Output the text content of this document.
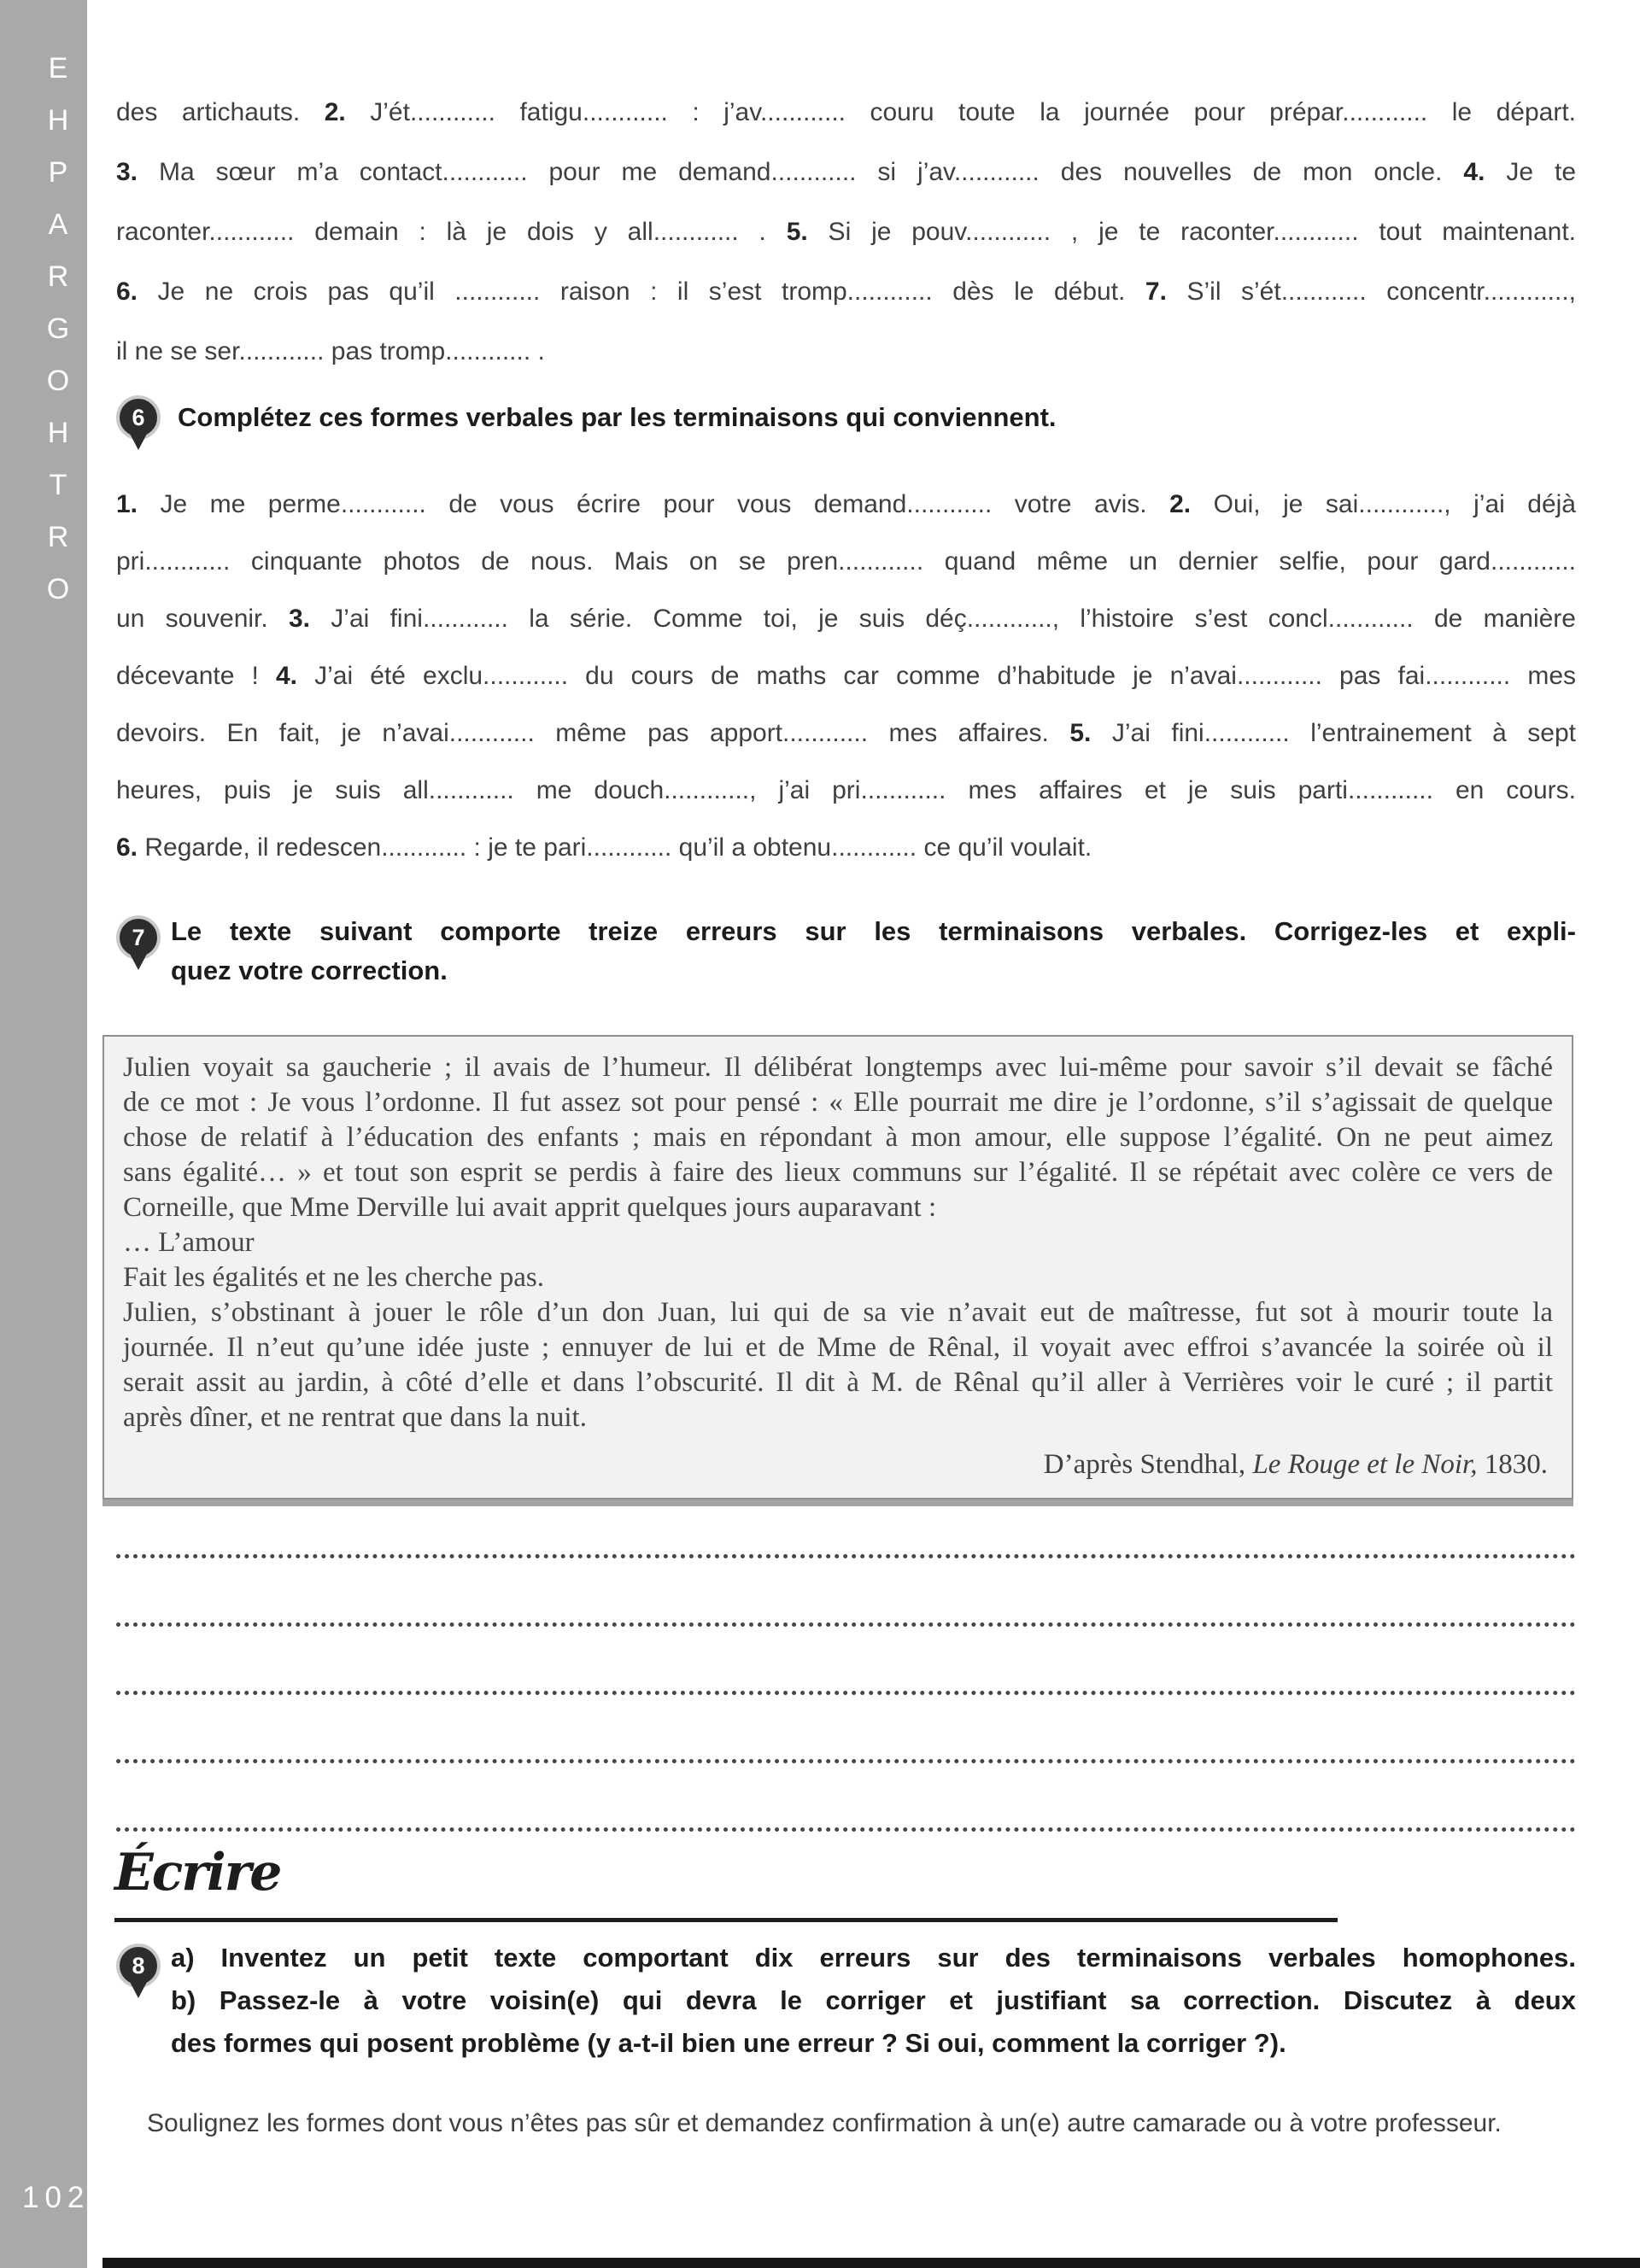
E
H
P
A
R
G
O
H
T
R
O
102
des artichauts. 2. J’ét............ fatigu............ : j’av............ couru toute la journée pour prépar............ le départ.
3. Ma sœur m’a contact............ pour me demand............ si j’av............ des nouvelles de mon oncle. 4. Je te
raconter............ demain : là je dois y all............ . 5. Si je pouv............ , je te raconter............ tout maintenant.
6. Je ne crois pas qu’il ............ raison : il s’est tromp............ dès le début. 7. S’il s’ét............ concentr............,
il ne se ser............ pas tromp............ .
6 Complétez ces formes verbales par les terminaisons qui conviennent.
1. Je me perme............ de vous écrire pour vous demand............ votre avis. 2. Oui, je sai............, j’ai déjà
pri............ cinquante photos de nous. Mais on se pren............ quand même un dernier selfie, pour gard............
un souvenir. 3. J’ai fini............ la série. Comme toi, je suis déç............, l’histoire s’est concl............ de manière
décevante ! 4. J’ai été exclu............ du cours de maths car comme d’habitude je n’avai............ pas fai............ mes
devoirs. En fait, je n’avai............ même pas apport............ mes affaires. 5. J’ai fini............ l’entrainement à sept
heures, puis je suis all............ me douch............, j’ai pri............ mes affaires et je suis parti............ en cours.
6. Regarde, il redescen............ : je te pari............ qu’il a obtenu............ ce qu’il voulait.
7 Le texte suivant comporte treize erreurs sur les terminaisons verbales. Corrigez-les et expli-
quez votre correction.
Julien voyait sa gaucherie ; il avais de l’humeur. Il délibérat longtemps avec lui-même pour savoir s’il devait se fâché
de ce mot : Je vous l’ordonne. Il fut assez sot pour pensé : « Elle pourrait me dire je l’ordonne, s’il s’agissait de quelque
chose de relatif à l’éducation des enfants ; mais en répondant à mon amour, elle suppose l’égalité. On ne peut aimez
sans égalité… » et tout son esprit se perdis à faire des lieux communs sur l’égalité. Il se répétait avec colère ce vers de
Corneille, que Mme Derville lui avait apprit quelques jours auparavant :
… L’amour
Fait les égalités et ne les cherche pas.
Julien, s’obstinant à jouer le rôle d’un don Juan, lui qui de sa vie n’avait eut de maîtresse, fut sot à mourir toute la
journée. Il n’eut qu’une idée juste ; ennuyer de lui et de Mme de Rênal, il voyait avec effroi s’avancée la soirée où il
serait assit au jardin, à côté d’elle et dans l’obscurité. Il dit à M. de Rênal qu’il aller à Verrières voir le curé ; il partit
après dîner, et ne rentrat que dans la nuit.
D’après Stendhal, Le Rouge et le Noir, 1830.
Écrire
8 a) Inventez un petit texte comportant dix erreurs sur des terminaisons verbales homophones.
b) Passez-le à votre voisin(e) qui devra le corriger et justifiant sa correction. Discutez à deux
des formes qui posent problème (y a-t-il bien une erreur ? Si oui, comment la corriger ?).

Soulignez les formes dont vous n’êtes pas sûr et demandez confirmation à un(e) autre camarade ou à votre professeur.
